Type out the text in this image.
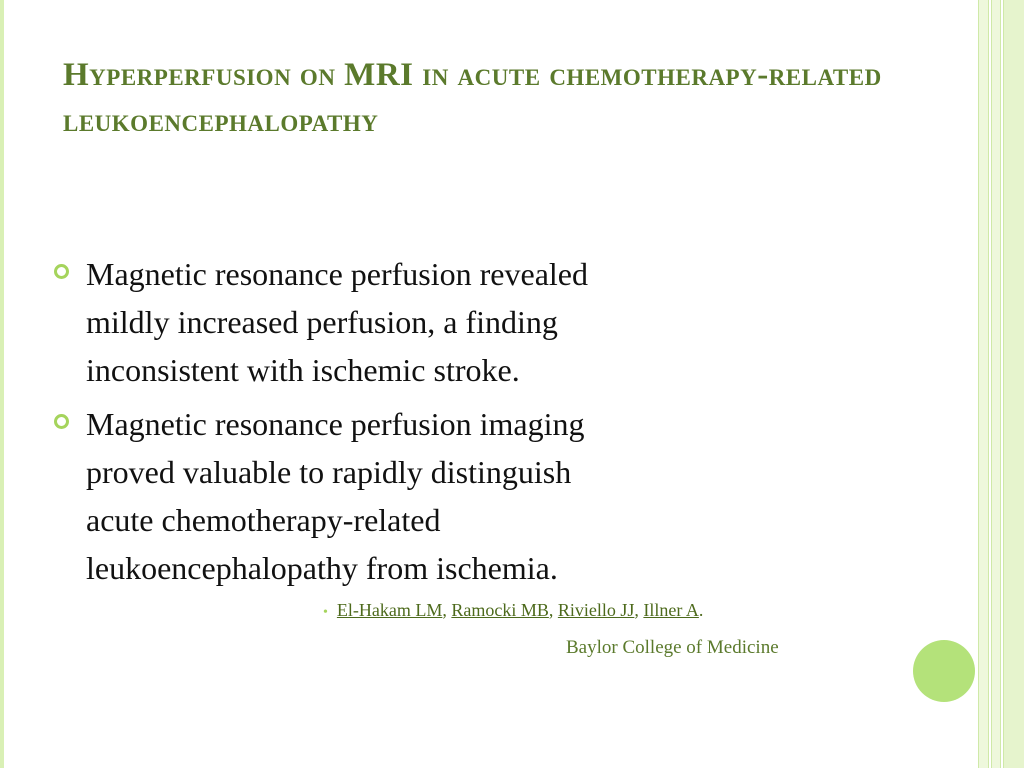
Hyperperfusion on MRI in acute chemotherapy-related leukoencephalopathy
Magnetic resonance perfusion revealed
mildly increased perfusion, a finding
inconsistent with ischemic stroke.
Magnetic resonance perfusion imaging
proved valuable to rapidly distinguish
acute chemotherapy-related
leukoencephalopathy from ischemia.
• El-Hakam LM, Ramocki MB, Riviello JJ, Illner A.
Baylor College of Medicine
